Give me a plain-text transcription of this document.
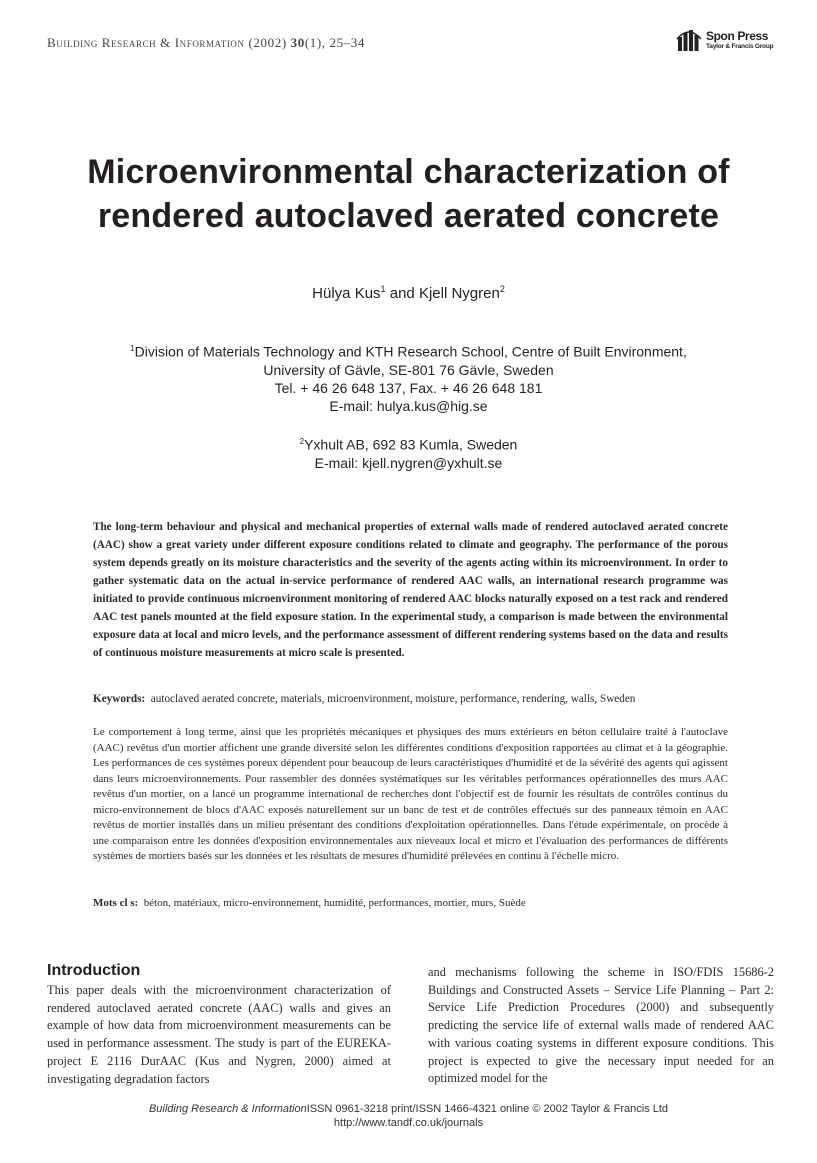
Building Research & Information (2002) 30(1), 25–34	Spon Press
Taylor & Francis Group
Microenvironmental characterization of
rendered autoclaved aerated concrete
Hülya Kus$^1$ and Kjell Nygren$^2$
$^1$Division of Materials Technology and KTH Research School, Centre of Built Environment,
University of Gävle, SE-801 76 Gävle, Sweden
Tel. + 46 26 648 137, Fax. + 46 26 648 181
E-mail: hulya.kus@hig.se
$^2$Yxhult AB, 692 83 Kumla, Sweden
E-mail: kjell.nygren@yxhult.se
The long-term behaviour and physical and mechanical properties of external walls made of rendered autoclaved aerated concrete (AAC) show a great variety under different exposure conditions related to climate and geography. The performance of the porous system depends greatly on its moisture characteristics and the severity of the agents acting within its microenvironment. In order to gather systematic data on the actual in-service performance of rendered AAC walls, an international research programme was initiated to provide continuous microenvironment monitoring of rendered AAC blocks naturally exposed on a test rack and rendered AAC test panels mounted at the field exposure station. In the experimental study, a comparison is made between the environmental exposure data at local and micro levels, and the performance assessment of different rendering systems based on the data and results of continuous moisture measurements at micro scale is presented.
Keywords: autoclaved aerated concrete, materials, microenvironment, moisture, performance, rendering, walls, Sweden
Le comportement à long terme, ainsi que les propriétés mécaniques et physiques des murs extérieurs en béton cellulaire traité à l'autoclave (AAC) revêtus d'un mortier affichent une grande diversité selon les différentes conditions d'exposition rapportées au climat et à la géographie. Les performances de ces systèmes poreux dépendent pour beaucoup de leurs caractéristiques d'humidité et de la sévérité des agents qui agissent dans leurs microenvironnements. Pour rassembler des données systématiques sur les véritables performances opérationnelles des murs AAC revêtus d'un mortier, on a lancé un programme international de recherches dont l'objectif est de fournir les résultats de contrôles continus du micro-environnement de blocs d'AAC exposés naturellement sur un banc de test et de contrôles effectués sur des panneaux témoin en AAC revêtus de mortier installés dans un milieu présentant des conditions d'exploitation opérationnelles. Dans l'étude expérimentale, on procède à une comparaison entre les données d'exposition environnementales aux nieveaux local et micro et l'évaluation des performances de différents systèmes de mortiers basés sur les données et les résultats de mesures d'humidité prélevées en continu à l'échelle micro.
Mots cl s: béton, matériaux, micro-environnement, humidité, performances, mortier, murs, Suède
Introduction
This paper deals with the microenvironment characterization of rendered autoclaved aerated concrete (AAC) walls and gives an example of how data from microenvironment measurements can be used in performance assessment. The study is part of the EUREKA-project E 2116 DurAAC (Kus and Nygren, 2000) aimed at investigating degradation factors
and mechanisms following the scheme in ISO/FDIS 15686-2 Buildings and Constructed Assets – Service Life Planning – Part 2: Service Life Prediction Procedures (2000) and subsequently predicting the service life of external walls made of rendered AAC with various coating systems in different exposure conditions. This project is expected to give the necessary input needed for an optimized model for the
Building Research & InformationISSN 0961-3218 print/ISSN 1466-4321 online © 2002 Taylor & Francis Ltd
http://www.tandf.co.uk/journals
